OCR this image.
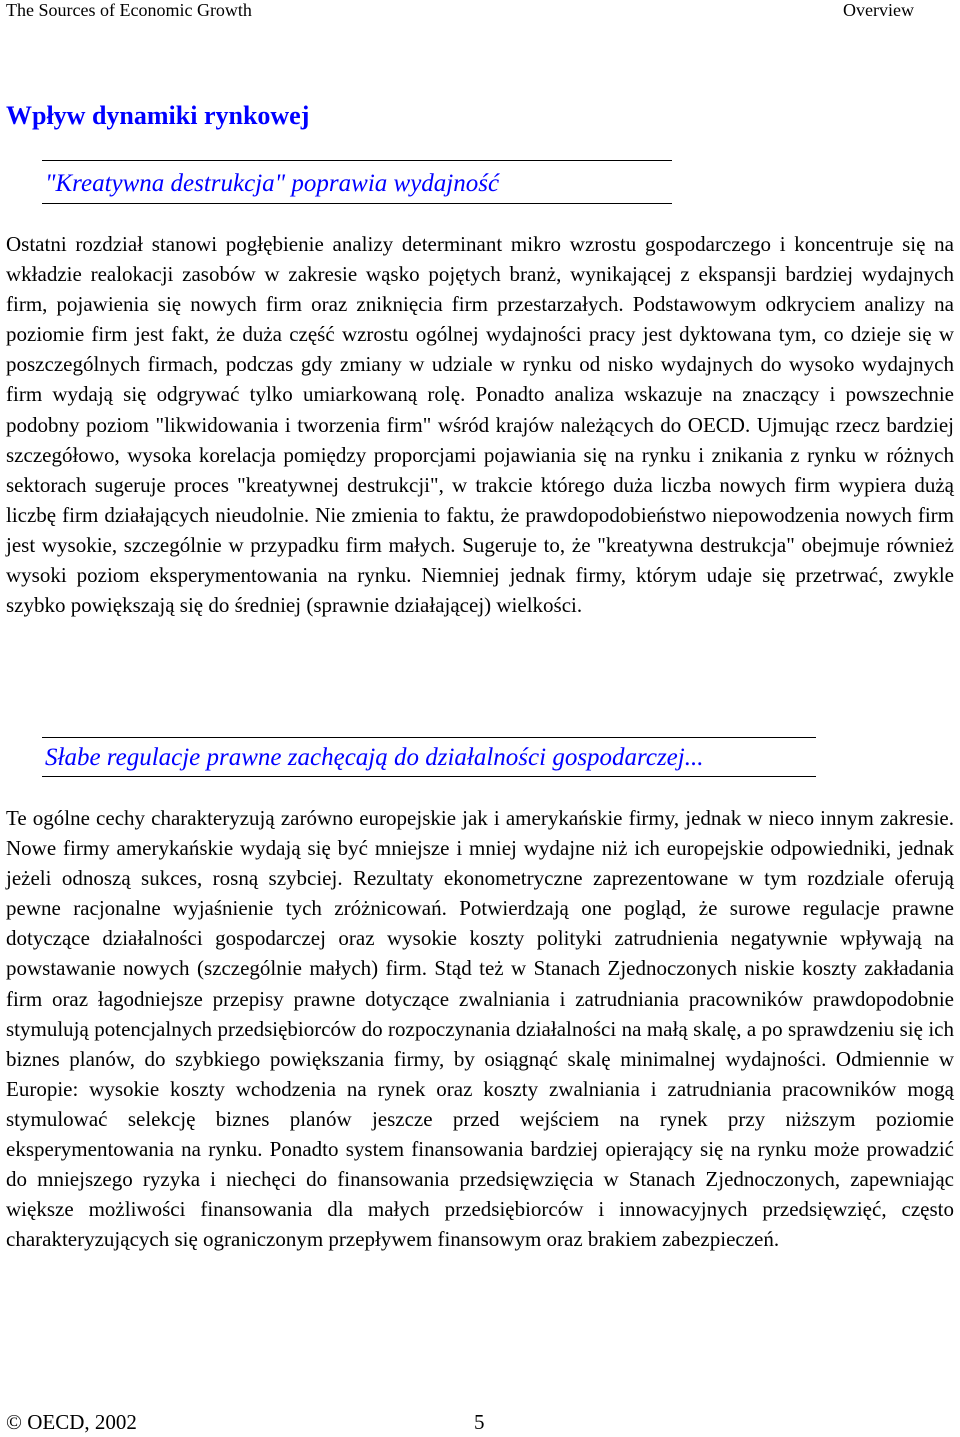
The Sources of Economic Growth	Overview
Wpływ dynamiki rynkowej
"Kreatywna destrukcja" poprawia wydajność

Ostatni rozdział stanowi pogłębienie analizy determinant mikro wzrostu gospodarczego i koncentruje się na wkładzie realokacji zasobów w zakresie wąsko pojętych branż, wynikającej z ekspansji bardziej wydajnych firm, pojawienia się nowych firm oraz zniknięcia firm przestarzałych. Podstawowym odkryciem analizy na poziomie firm jest fakt, że duża część wzrostu ogólnej wydajności pracy jest dyktowana tym, co dzieje się w poszczególnych firmach, podczas gdy zmiany w udziale w rynku od nisko wydajnych do wysoko wydajnych firm wydają się odgrywać tylko umiarkowaną rolę. Ponadto analiza wskazuje na znaczący i powszechnie podobny poziom "likwidowania i tworzenia firm" wśród krajów należących do OECD. Ujmując rzecz bardziej szczegółowo, wysoka korelacja pomiędzy proporcjami pojawiania się na rynku i znikania z rynku w różnych sektorach sugeruje proces "kreatywnej destrukcji", w trakcie którego duża liczba nowych firm wypiera dużą liczbę firm działających nieudolnie. Nie zmienia to faktu, że prawdopodobieństwo niepowodzenia nowych firm jest wysokie, szczególnie w przypadku firm małych. Sugeruje to, że "kreatywna destrukcja" obejmuje również wysoki poziom eksperymentowania na rynku. Niemniej jednak firmy, którym udaje się przetrwać, zwykle szybko powiększają się do średniej (sprawnie działającej) wielkości.

Słabe regulacje prawne zachęcają do działalności gospodarczej...

Te ogólne cechy charakteryzują zarówno europejskie jak i amerykańskie firmy, jednak w nieco innym zakresie. Nowe firmy amerykańskie wydają się być mniejsze i mniej wydajne niż ich europejskie odpowiedniki, jednak jeżeli odnoszą sukces, rosną szybciej. Rezultaty ekonometryczne zaprezentowane w tym rozdziale oferują pewne racjonalne wyjaśnienie tych zróżnicowań. Potwierdzają one pogląd, że surowe regulacje prawne dotyczące działalności gospodarczej oraz wysokie koszty polityki zatrudnienia negatywnie wpływają na powstawanie nowych (szczególnie małych) firm. Stąd też w Stanach Zjednoczonych niskie koszty zakładania firm oraz łagodniejsze przepisy prawne dotyczące zwalniania i zatrudniania pracowników prawdopodobnie stymulują potencjalnych przedsiębiorców do rozpoczynania działalności na małą skalę, a po sprawdzeniu się ich biznes planów, do szybkiego powiększania firmy, by osiągnąć skalę minimalnej wydajności. Odmiennie w Europie: wysokie koszty wchodzenia na rynek oraz koszty zwalniania i zatrudniania pracowników mogą stymulować selekcję biznes planów jeszcze przed wejściem na rynek przy niższym poziomie eksperymentowania na rynku. Ponadto system finansowania bardziej opierający się na rynku może prowadzić do mniejszego ryzyka i niechęci do finansowania przedsięwzięcia w Stanach Zjednoczonych, zapewniając większe możliwości finansowania dla małych przedsiębiorców i innowacyjnych przedsięwzięć, często charakteryzujących się ograniczonym przepływem finansowym oraz brakiem zabezpieczeń.

© OECD, 2002	5
